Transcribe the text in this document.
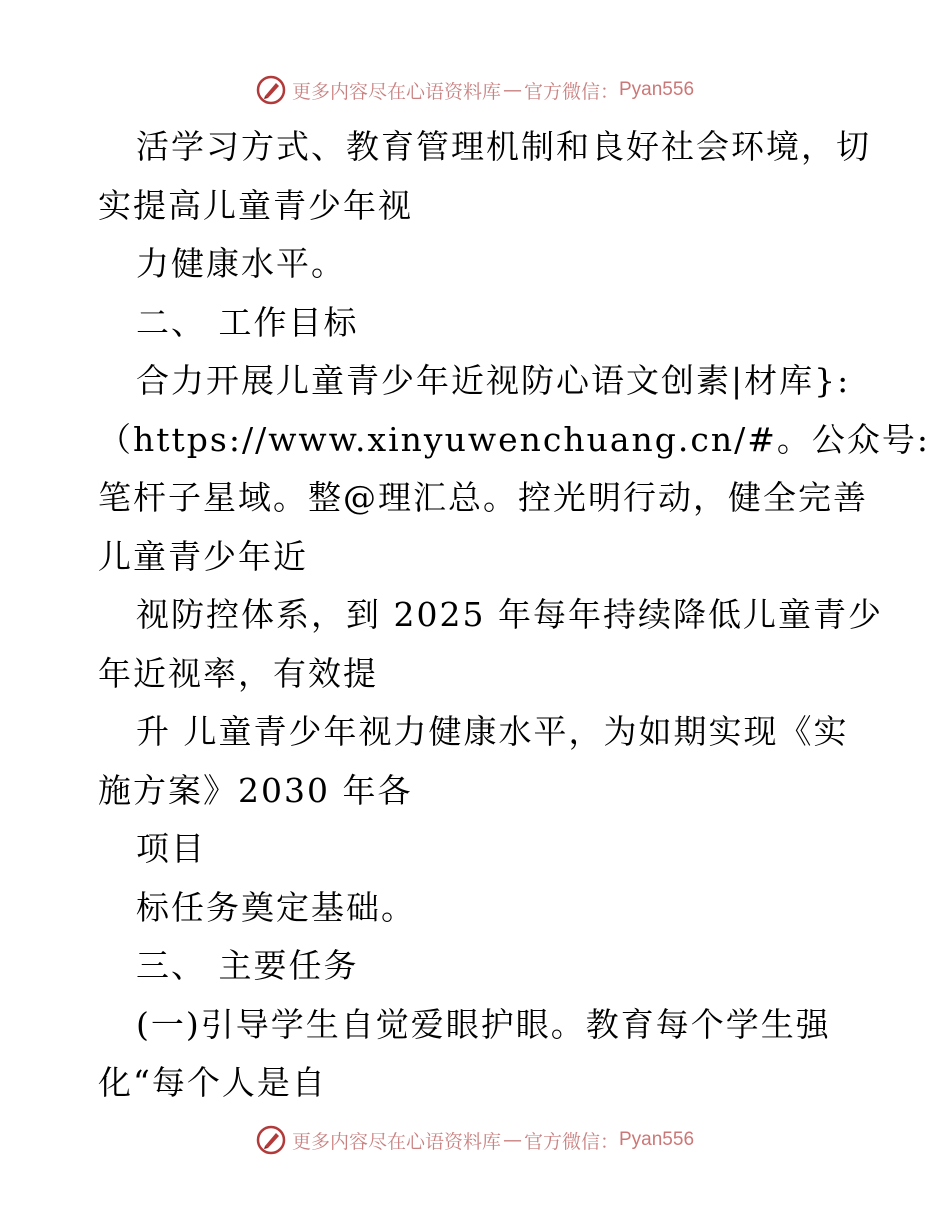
更多内容尽在心语资料库 — 官方微信： Pyan556
活学习方式、教育管理机制和良好社会环境，切
实提高儿童青少年视
力健康水平。
二、 工作目标
合力开展儿童青少年近视防心语文创素|材库}:
（https://www.xinyuwenchuang.cn/#。公众号:
笔杆子星域。整@理汇总。控光明行动，健全完善
儿童青少年近
视防控体系，到 2025 年每年持续降低儿童青少
年近视率，有效提
升 儿童青少年视力健康水平，为如期实现《实
施方案》2030 年各
项目
标任务奠定基础。
三、 主要任务
(一)引导学生自觉爱眼护眼。教育每个学生强
化“每个人是自
更多内容尽在心语资料库 — 官方微信： Pyan556
